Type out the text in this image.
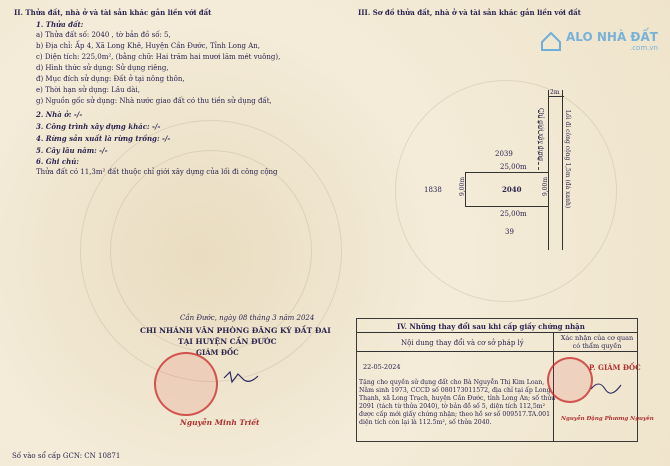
II. Thửa đất, nhà ở và tài sản khác gắn liền với đất
1. Thửa đất:
a) Thửa đất số: 2040 , tờ bản đồ số: 5,
b) Địa chỉ: Ấp 4, Xã Long Khê, Huyện Cần Đước, Tỉnh Long An,
c) Diện tích: 225,0m², (bằng chữ: Hai trăm hai mươi lăm mét vuông),
d) Hình thức sử dụng: Sử dụng riêng,
đ) Mục đích sử dụng: Đất ở tại nông thôn,
e) Thời hạn sử dụng: Lâu dài,
g) Nguồn gốc sử dụng: Nhà nước giao đất có thu tiền sử dụng đất,
2. Nhà ở: -/-
3. Công trình xây dựng khác: -/-
4. Rừng sản xuất là rừng trồng: -/-
5. Cây lâu năm: -/-
6. Ghi chú:
Thửa đất có 11,3m² đất thuộc chỉ giới xây dựng của lối đi công cộng
Cần Đước, ngày 08 tháng 3 năm 2024
CHI NHÁNH VĂN PHÒNG ĐĂNG KÝ ĐẤT ĐAI
TẠI HUYỆN CẦN ĐƯỚC
GIÁM ĐỐC
Nguyễn Minh Triết
Số vào sổ cấp GCN: CN 10871
III. Sơ đồ thửa đất, nhà ở và tài sản khác gắn liền với đất
ALO NHÀ ĐẤT
.com.vn
2m
2039
25,00m
2040
1838
25,00m
39
9,00m	9,00m	Lối đi công cộng 1,5m (đá xanh)
Chỉ giới xây dựng
IV. Những thay đổi sau khi cấp giấy chứng nhận
Nội dung thay đổi và cơ sở pháp lý
Xác nhận của cơ quan có thẩm quyền
22-05-2024
Tặng cho quyền sử dụng đất cho Bà Nguyễn Thị Kim Loan,
Năm sinh 1973, CCCD số 080173011572, địa chỉ tại ấp Long
Thạnh, xã Long Trạch, huyện Cần Đước, tỉnh Long An; số thửa
2091 (tách từ thửa 2040), tờ bản đồ số 5, diện tích 112,5m²
được cấp mới giấy chứng nhận; theo hồ sơ số 009517.TA.001
diện tích còn lại là 112.5m², số thửa 2040.
P. GIÁM ĐỐC
Nguyễn Đặng Phương Nguyên
